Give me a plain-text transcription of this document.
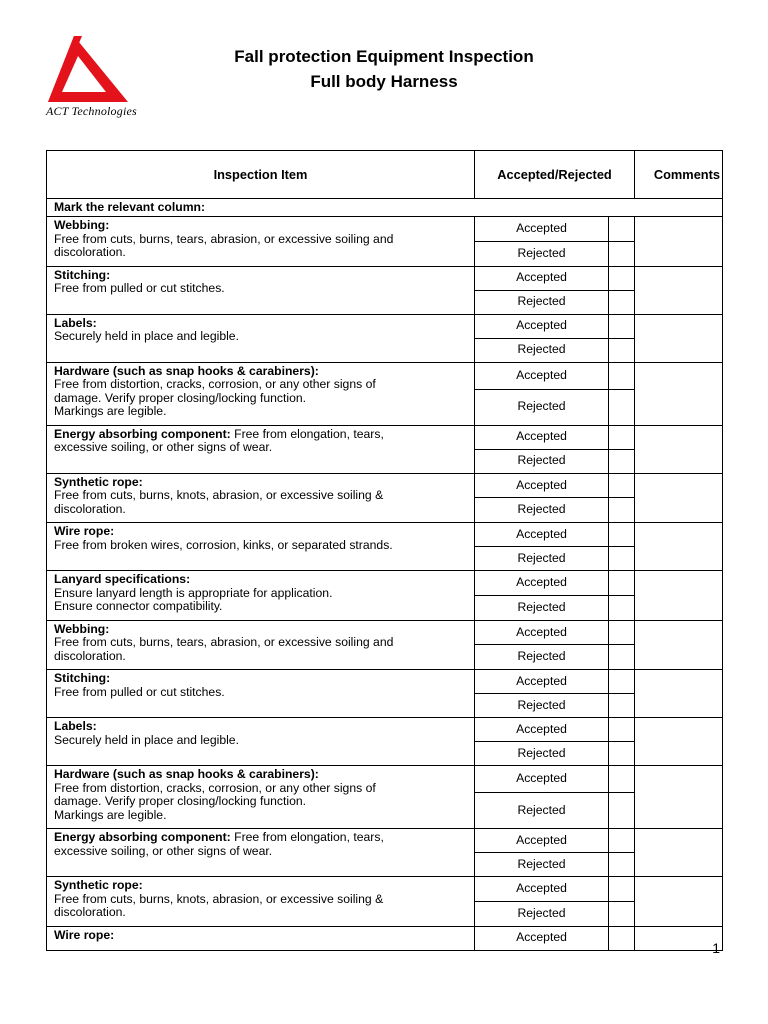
ACT Technologies
Fall protection Equipment Inspection
Full body Harness
Inspection Item	Accepted/Rejected		Comments
Mark the relevant column:			
Webbing:
Free from cuts, burns, tears, abrasion, or excessive soiling and
discoloration.	Accepted		
	Rejected		
Stitching:
Free from pulled or cut stitches.	Accepted		
	Rejected		
Labels:
Securely held in place and legible.	Accepted		
	Rejected		
Hardware (such as snap hooks & carabiners):
Free from distortion, cracks, corrosion, or any other signs of
damage. Verify proper closing/locking function.
Markings are legible.	Accepted		
	Rejected		
Energy absorbing component: Free from elongation, tears,
excessive soiling, or other signs of wear.	Accepted		
	Rejected		
Synthetic rope:
Free from cuts, burns, knots, abrasion, or excessive soiling &
discoloration.	Accepted		
	Rejected		
Wire rope:
Free from broken wires, corrosion, kinks, or separated strands.	Accepted		
	Rejected		
Lanyard specifications:
Ensure lanyard length is appropriate for application.
Ensure connector compatibility.	Accepted		
	Rejected		
Webbing:
Free from cuts, burns, tears, abrasion, or excessive soiling and
discoloration.	Accepted		
	Rejected		
Stitching:
Free from pulled or cut stitches.	Accepted		
	Rejected		
Labels:
Securely held in place and legible.	Accepted		
	Rejected		
Hardware (such as snap hooks & carabiners):
Free from distortion, cracks, corrosion, or any other signs of
damage. Verify proper closing/locking function.
Markings are legible.	Accepted		
	Rejected		
Energy absorbing component: Free from elongation, tears,
excessive soiling, or other signs of wear.	Accepted		
	Rejected		
Synthetic rope:
Free from cuts, burns, knots, abrasion, or excessive soiling &
discoloration.	Accepted		
	Rejected		
Wire rope:	Accepted		
1
